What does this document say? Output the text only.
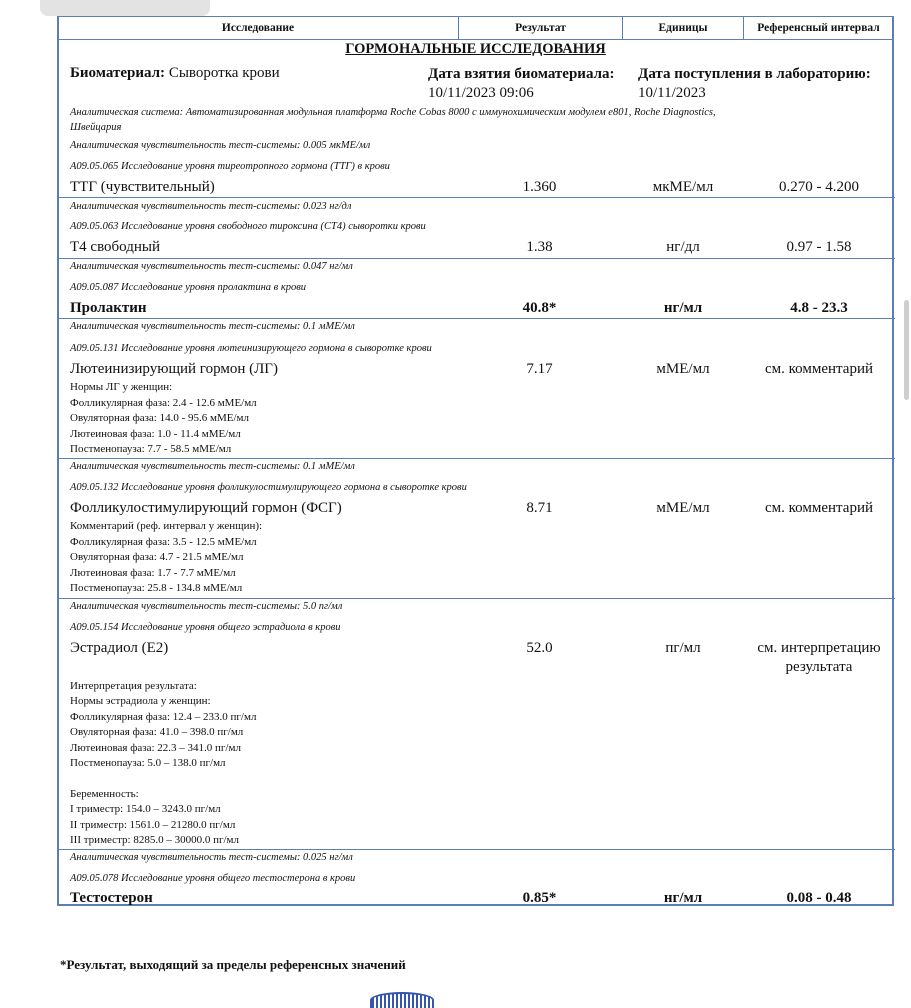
Исследование	Результат	Единицы	Референсный интервал
ГОРМОНАЛЬНЫЕ ИССЛЕДОВАНИЯ
Биоматериал: Сыворотка крови	Дата взятия биоматериала:
10/11/2023 09:06
Дата поступления в лабораторию:
10/11/2023
Аналитическая система: Автоматизированная модульная платформа Roche Cobas 8000 с иммунохимическим модулем e801, Roche Diagnostics,
Швейцария
Аналитическая чувствительность тест-системы: 0.005 мкМЕ/мл
A09.05.065 Исследование уровня тиреотропного гормона (ТТГ) в крови
ТТГ (чувствительный)	1.360	мкМЕ/мл	0.270 - 4.200
Аналитическая чувствительность тест-системы: 0.023 нг/дл
A09.05.063 Исследование уровня свободного тироксина (СТ4) сыворотки крови
Т4 свободный	1.38	нг/дл	0.97 - 1.58
Аналитическая чувствительность тест-системы: 0.047 нг/мл
A09.05.087 Исследование уровня пролактина в крови
Пролактин	40.8*	нг/мл	4.8 - 23.3
Аналитическая чувствительность тест-системы: 0.1 мМЕ/мл
A09.05.131 Исследование уровня лютеинизирующего гормона в сыворотке крови
Лютеинизирующий гормон (ЛГ)	7.17	мМЕ/мл	см. комментарий
Нормы ЛГ у женщин:
Фолликулярная фаза: 2.4 - 12.6 мМЕ/мл
Овуляторная фаза: 14.0 - 95.6 мМЕ/мл
Лютеиновая фаза: 1.0 - 11.4 мМЕ/мл
Постменопауза: 7.7 - 58.5 мМЕ/мл
Аналитическая чувствительность тест-системы: 0.1 мМЕ/мл
A09.05.132 Исследование уровня фолликулостимулирующего гормона в сыворотке крови
Фолликулостимулирующий гормон (ФСГ)	8.71	мМЕ/мл	см. комментарий
Комментарий (реф. интервал у женщин):
Фолликулярная фаза: 3.5 - 12.5 мМЕ/мл
Овуляторная фаза: 4.7 - 21.5 мМЕ/мл
Лютеиновая фаза: 1.7 - 7.7 мМЕ/мл
Постменопауза: 25.8 - 134.8 мМЕ/мл
Аналитическая чувствительность тест-системы: 5.0 пг/мл
A09.05.154 Исследование уровня общего эстрадиола в крови
Эстрадиол (Е2)	52.0	пг/мл	см. интерпретацию
результата
Интерпретация результата:
Нормы эстрадиола у женщин:
Фолликулярная фаза: 12.4 – 233.0 пг/мл
Овуляторная фаза: 41.0 – 398.0 пг/мл
Лютеиновая фаза: 22.3 – 341.0 пг/мл
Постменопауза: 5.0 – 138.0 пг/мл
Беременность:
I триместр: 154.0 – 3243.0 пг/мл
II триместр: 1561.0 – 21280.0 пг/мл
III триместр: 8285.0 – 30000.0 пг/мл
Аналитическая чувствительность тест-системы: 0.025 нг/мл
A09.05.078 Исследование уровня общего тестостерона в крови
Тестостерон	0.85*	нг/мл	0.08 - 0.48
*Результат, выходящий за пределы референсных значений
